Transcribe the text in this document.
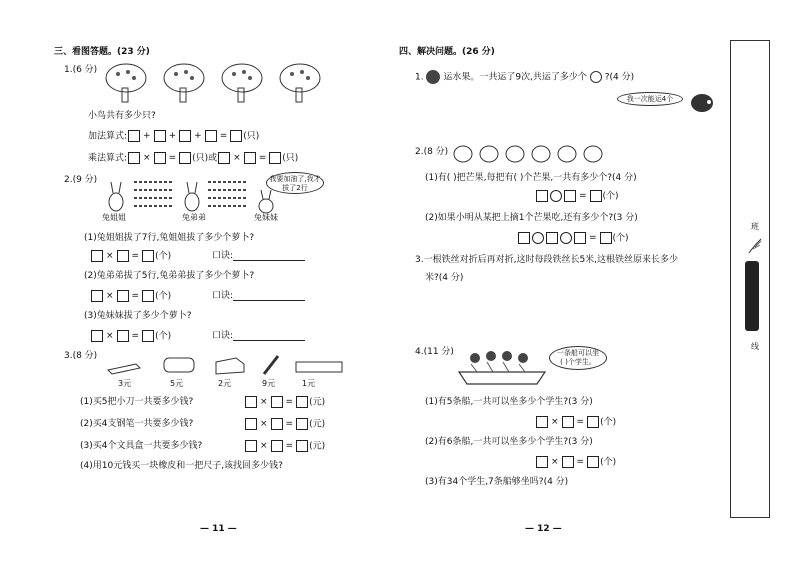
三、看图答题。(23 分)
1.(6 分)
小鸟共有多少只?
加法算式: + + + = (只)
乘法算式: × = (只)或 × = (只)
2.(9 分)	我要加油了,我才拔了2行
兔姐姐	兔弟弟	兔妹妹
(1)兔姐姐拔了7行,兔姐姐拔了多少个萝卜?
× = (个)	口诀:
(2)兔弟弟拔了5行,兔弟弟拔了多少个萝卜?
× = (个)	口诀:
(3)兔妹妹拔了多少个萝卜?
× = (个)	口诀:
3.(8 分)
3元	5元	2元	9元	1元
(1)买5把小刀一共要多少钱?	× = (元)
(2)买4支钢笔一共要多少钱?	× = (元)
(3)买4个文具盒一共要多少钱?	× = (元)
(4)用10元钱买一块橡皮和一把尺子,该找回多少钱?
— 11 —
四、解决问题。(26 分)
1. 运水果。一共运了9次,共运了多少个 ?(4 分)
我一次能运4个
2.(8 分)
(1)有( )把芒果,每把有( )个芒果,一共有多少个?(4 分)
= (个)
(2)如果小明从某把上摘1个芒果吃,还有多少个?(3 分)
= (个)
3.一根铁丝对折后再对折,这时每段铁丝长5米,这根铁丝原来长多少
米?(4 分)
4.(11 分)	一条船可以坐
( )个学生。
(1)有5条船,一共可以坐多少个学生?(3 分)
× = (个)
(2)有6条船,一共可以坐多少个学生?(3 分)
× = (个)
(3)有34个学生,7条船够坐吗?(4 分)
— 12 —
班
线
